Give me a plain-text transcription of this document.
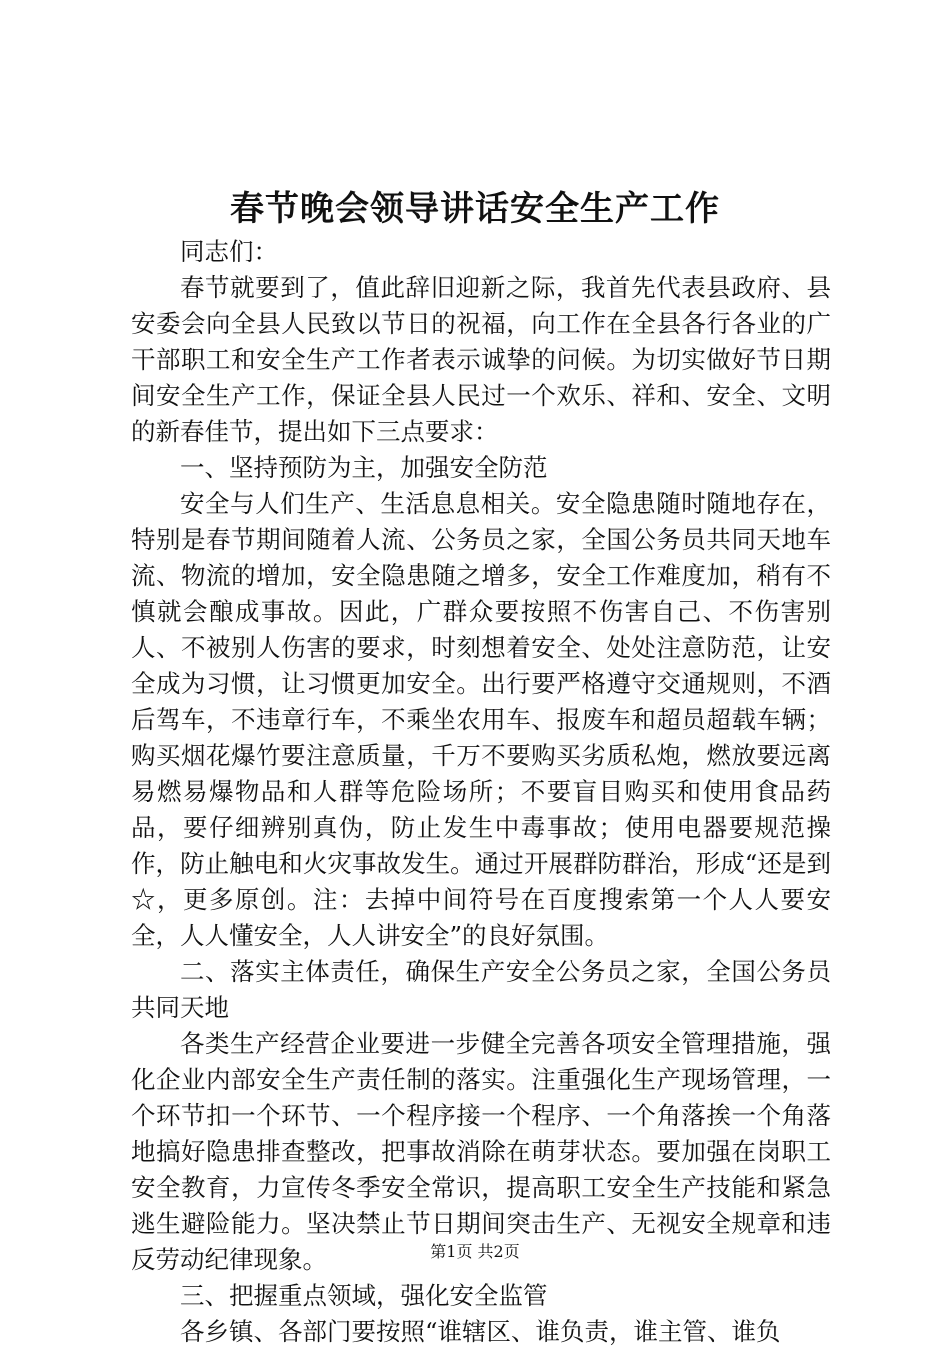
春节晚会领导讲话安全生产工作

同志们：

春节就要到了，值此辞旧迎新之际，我首先代表县政府、县安委会向全县人民致以节日的祝福，向工作在全县各行各业的广干部职工和安全生产工作者表示诚挚的问候。为切实做好节日期间安全生产工作，保证全县人民过一个欢乐、祥和、安全、文明的新春佳节，提出如下三点要求：

一、坚持预防为主，加强安全防范

安全与人们生产、生活息息相关。安全隐患随时随地存在，特别是春节期间随着人流、公务员之家，全国公务员共同天地车流、物流的增加，安全隐患随之增多，安全工作难度加，稍有不慎就会酿成事故。因此，广群众要按照不伤害自己、不伤害别人、不被别人伤害的要求，时刻想着安全、处处注意防范，让安全成为习惯，让习惯更加安全。出行要严格遵守交通规则，不酒后驾车，不违章行车，不乘坐农用车、报废车和超员超载车辆；购买烟花爆竹要注意质量，千万不要购买劣质私炮，燃放要远离易燃易爆物品和人群等危险场所；不要盲目购买和使用食品药品，要仔细辨别真伪，防止发生中毒事故；使用电器要规范操作，防止触电和火灾事故发生。通过开展群防群治，形成“还是到☆，更多原创。注：去掉中间符号在百度搜索第一个人人要安全，人人懂安全，人人讲安全”的良好氛围。

二、落实主体责任，确保生产安全公务员之家，全国公务员共同天地

各类生产经营企业要进一步健全完善各项安全管理措施，强化企业内部安全生产责任制的落实。注重强化生产现场管理，一个环节扣一个环节、一个程序接一个程序、一个角落挨一个角落地搞好隐患排查整改，把事故消除在萌芽状态。要加强在岗职工安全教育，力宣传冬季安全常识，提高职工安全生产技能和紧急逃生避险能力。坚决禁止节日期间突击生产、无视安全规章和违反劳动纪律现象。

三、把握重点领域，强化安全监管

各乡镇、各部门要按照“谁辖区、谁负责，谁主管、谁负

第1页 共2页
